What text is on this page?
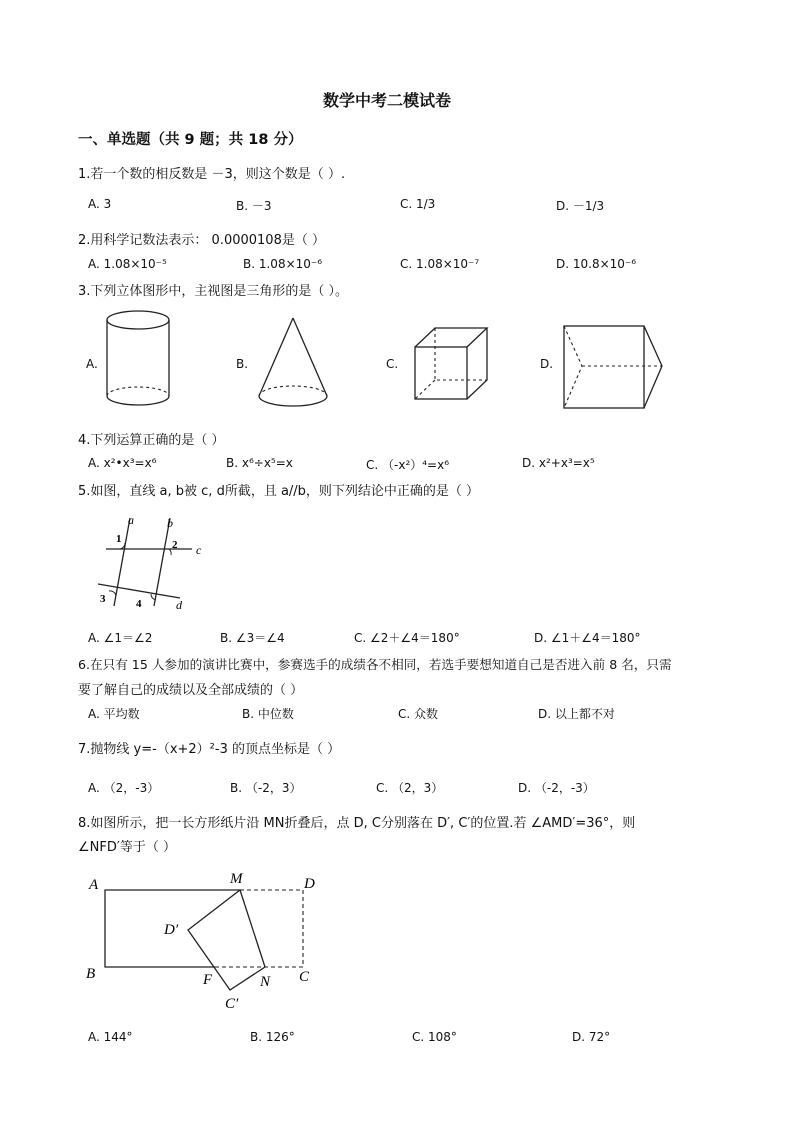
数学中考二模试卷
一、单选题（共 9 题；共 18 分）
1.若一个数的相反数是 －3，则这个数是（ ）.
A. 3	B. －3	C. 1/3	D. －1/3
2.用科学记数法表示： 0.0000108是（ ）
A. 1.08×10⁻⁵	B. 1.08×10⁻⁶	C. 1.08×10⁻⁷	D. 10.8×10⁻⁶
3.下列立体图形中，主视图是三角形的是（ ）。
A.	B.	C.	D.
4.下列运算正确的是（ ）
A. x²•x³=x⁶	B. x⁶÷x⁵=x	C. （-x²）⁴=x⁶	D. x²+x³=x⁵
5.如图，直线 a, b被 c, d所截，且 a//b，则下列结论中正确的是（ ）
a	b
c
d
1	2
3	4
A. ∠1＝∠2	B. ∠3＝∠4	C. ∠2＋∠4＝180°	D. ∠1＋∠4＝180°
6.在只有 15 人参加的演讲比赛中，参赛选手的成绩各不相同，若选手要想知道自己是否进入前 8 名，只需
要了解自己的成绩以及全部成绩的（ ）
A. 平均数	B. 中位数	C. 众数	D. 以上都不对
7.抛物线 y=-（x+2）²-3 的顶点坐标是（ ）
A. （2，-3）	B. （-2，3）	C. （2，3）	D. （-2，-3）
8.如图所示，把一长方形纸片沿 MN折叠后，点 D, C分别落在 D′, C′的位置.若 ∠AMD′=36°，则
∠NFD′等于（ ）
A
B	C
D
M
N
F
D′
C′
A. 144°	B. 126°	C. 108°	D. 72°
